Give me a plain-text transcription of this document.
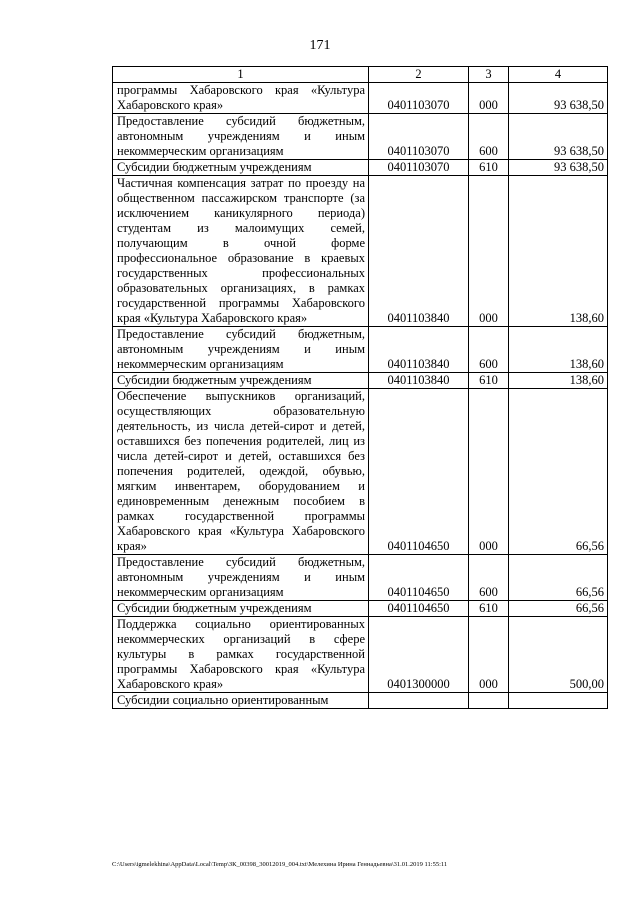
171
1	2	3	4
программы Хабаровского края «Культура Хабаровского края»	0401103070	000	93 638,50
Предоставление субсидий бюджетным, автономным учреждениям и иным некоммерческим организациям	0401103070	600	93 638,50
Субсидии бюджетным учреждениям	0401103070	610	93 638,50
Частичная компенсация затрат по проезду на общественном пассажирском транспорте (за исключением каникулярного периода) студентам из малоимущих семей, получающим в очной форме профессиональное образование в краевых государственных профессиональных образовательных организациях, в рамках государственной программы Хабаровского края «Культура Хабаровского края»	0401103840	000	138,60
Предоставление субсидий бюджетным, автономным учреждениям и иным некоммерческим организациям	0401103840	600	138,60
Субсидии бюджетным учреждениям	0401103840	610	138,60
Обеспечение выпускников организаций, осуществляющих образовательную деятельность, из числа детей-сирот и детей, оставшихся без попечения родителей, лиц из числа детей-сирот и детей, оставшихся без попечения родителей, одеждой, обувью, мягким инвентарем, оборудованием и единовременным денежным пособием в рамках государственной программы Хабаровского края «Культура Хабаровского края»	0401104650	000	66,56
Предоставление субсидий бюджетным, автономным учреждениям и иным некоммерческим организациям	0401104650	600	66,56
Субсидии бюджетным учреждениям	0401104650	610	66,56
Поддержка социально ориентированных некоммерческих организаций в сфере культуры в рамках государственной программы Хабаровского края «Культура Хабаровского края»	0401300000	000	500,00
Субсидии социально ориентированным			
C:\Users\igmelekhina\AppData\Local\Temp\ЗК_00398_30012019_004.txt\Мелехина Ирина Геннадьевна\31.01.2019 11:55:11
